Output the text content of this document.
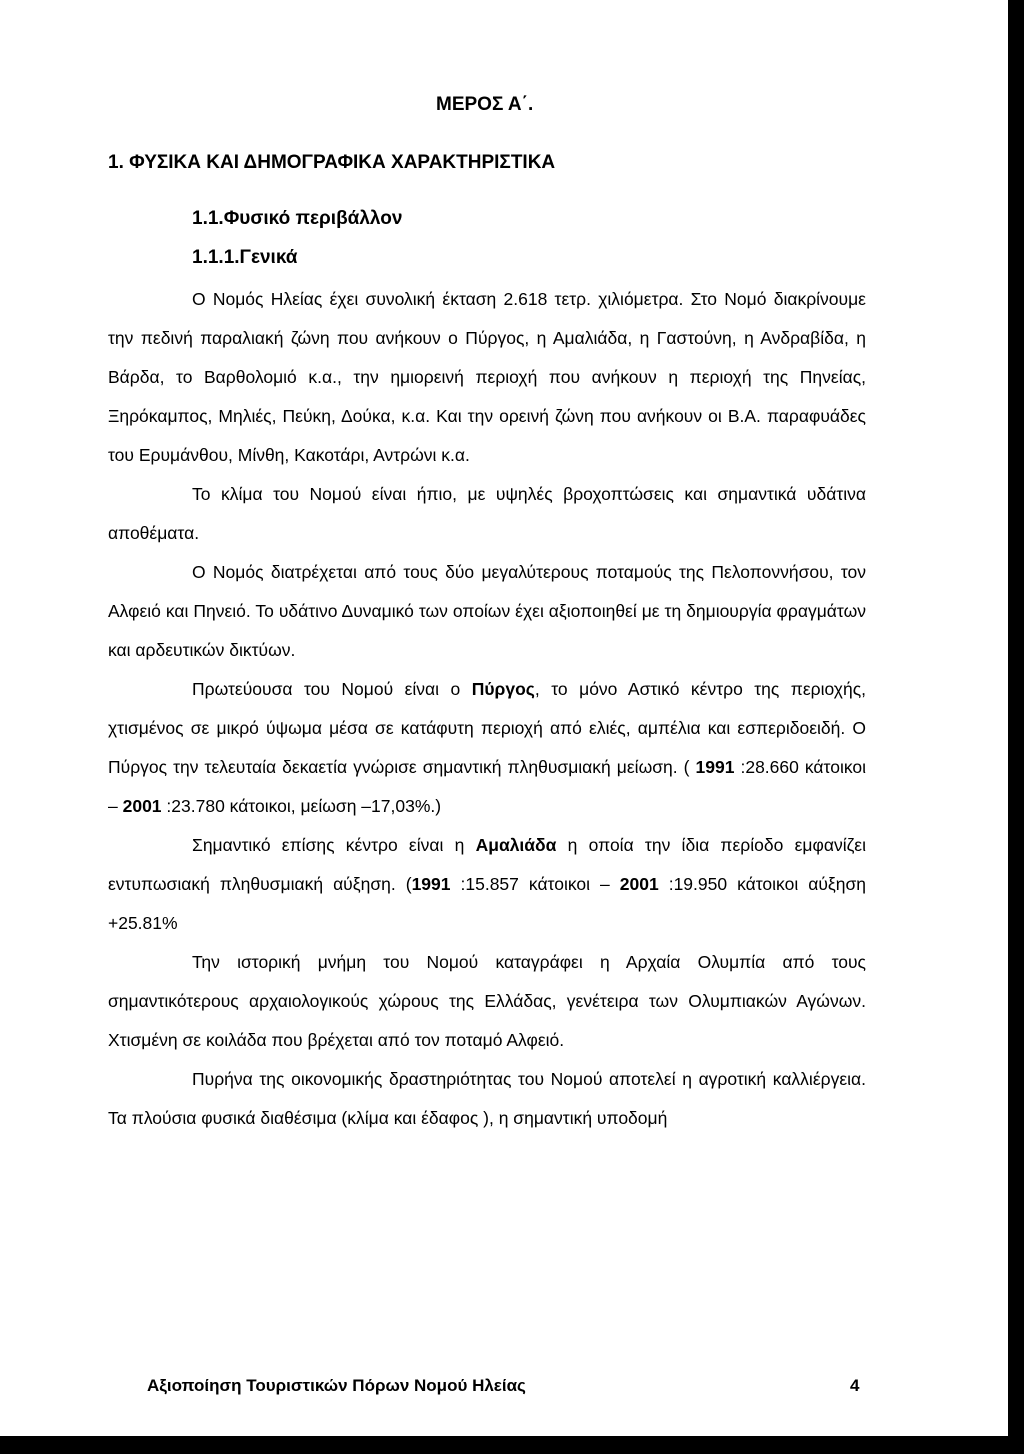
ΜΕΡΟΣ Α΄.
1. ΦΥΣΙΚΑ ΚΑΙ ΔΗΜΟΓΡΑΦΙΚΑ ΧΑΡΑΚΤΗΡΙΣΤΙΚΑ
1.1.Φυσικό περιβάλλον
1.1.1.Γενικά

Ο Νομός Ηλείας έχει συνολική έκταση 2.618 τετρ. χιλιόμετρα. Στο Νομό διακρίνουμε την πεδινή παραλιακή ζώνη που ανήκουν ο Πύργος, η Αμαλιάδα, η Γαστούνη, η Ανδραβίδα, η Βάρδα, το Βαρθολομιό κ.α., την ημιορεινή περιοχή που ανήκουν η περιοχή της Πηνείας, Ξηρόκαμπος, Μηλιές, Πεύκη, Δούκα, κ.α. Και την ορεινή ζώνη που ανήκουν οι Β.Α. παραφυάδες του Ερυμάνθου, Μίνθη, Κακοτάρι, Αντρώνι κ.α.

Το κλίμα του Νομού είναι ήπιο, με υψηλές βροχοπτώσεις και σημαντικά υδάτινα αποθέματα.

Ο Νομός διατρέχεται από τους δύο μεγαλύτερους ποταμούς της Πελοποννήσου, τον Αλφειό και Πηνειό. Το υδάτινο Δυναμικό των οποίων έχει αξιοποιηθεί με τη δημιουργία φραγμάτων και αρδευτικών δικτύων.

Πρωτεύουσα του Νομού είναι ο Πύργος, το μόνο Αστικό κέντρο της περιοχής, χτισμένος σε μικρό ύψωμα μέσα σε κατάφυτη περιοχή από ελιές, αμπέλια και εσπεριδοειδή. Ο Πύργος την τελευταία δεκαετία γνώρισε σημαντική πληθυσμιακή μείωση. ( 1991 :28.660 κάτοικοι – 2001 :23.780 κάτοικοι, μείωση –17,03%.)

Σημαντικό επίσης κέντρο είναι η Αμαλιάδα η οποία την ίδια περίοδο εμφανίζει εντυπωσιακή πληθυσμιακή αύξηση. (1991 :15.857 κάτοικοι – 2001 :19.950 κάτοικοι αύξηση +25.81%

Την ιστορική μνήμη του Νομού καταγράφει η Αρχαία Ολυμπία από τους σημαντικότερους αρχαιολογικούς χώρους της Ελλάδας, γενέτειρα των Ολυμπιακών Αγώνων. Χτισμένη σε κοιλάδα που βρέχεται από τον ποταμό Αλφειό.

Πυρήνα της οικονομικής δραστηριότητας του Νομού αποτελεί η αγροτική καλλιέργεια. Τα πλούσια φυσικά διαθέσιμα (κλίμα και έδαφος ), η σημαντική υποδομή

Αξιοποίηση Τουριστικών Πόρων Νομού Ηλείας	4
